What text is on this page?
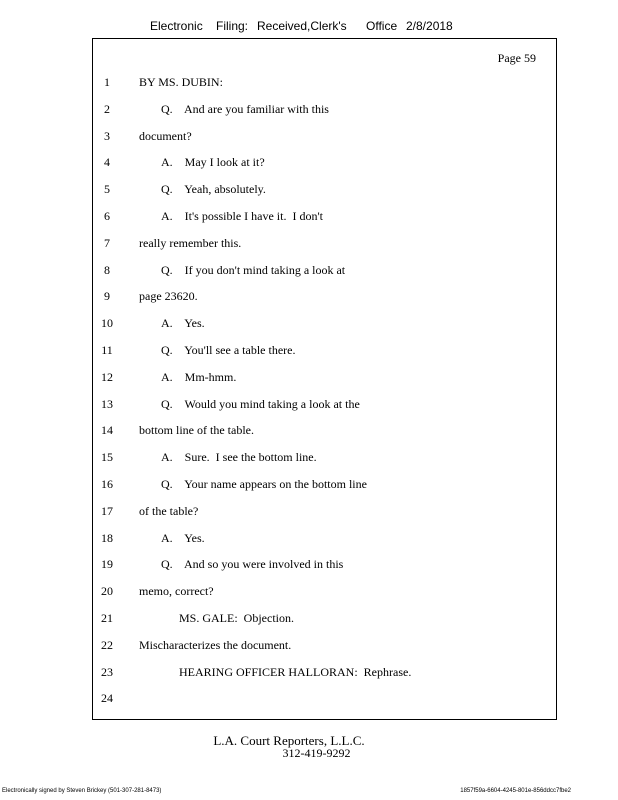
Electronic Filing: Received,Clerk's Office 2/8/2018
Page 59
1	BY MS. DUBIN:
2	Q.    And are you familiar with this
3	document?
4	A.    May I look at it?
5	Q.    Yeah, absolutely.
6	A.    It's possible I have it.  I don't
7	really remember this.
8	Q.    If you don't mind taking a look at
9	page 23620.
10	A.    Yes.
11	Q.    You'll see a table there.
12	A.    Mm-hmm.
13	Q.    Would you mind taking a look at the
14	bottom line of the table.
15	A.    Sure.  I see the bottom line.
16	Q.    Your name appears on the bottom line
17	of the table?
18	A.    Yes.
19	Q.    And so you were involved in this
20	memo, correct?
21	MS. GALE:  Objection.
22	Mischaracterizes the document.
23	HEARING OFFICER HALLORAN:  Rephrase.
24
L.A. Court Reporters, L.L.C.
312-419-9292
Electronically signed by Steven Brickey (501-307-281-8473)	1857f59a-6604-4245-801e-856ddcc7fbe2
